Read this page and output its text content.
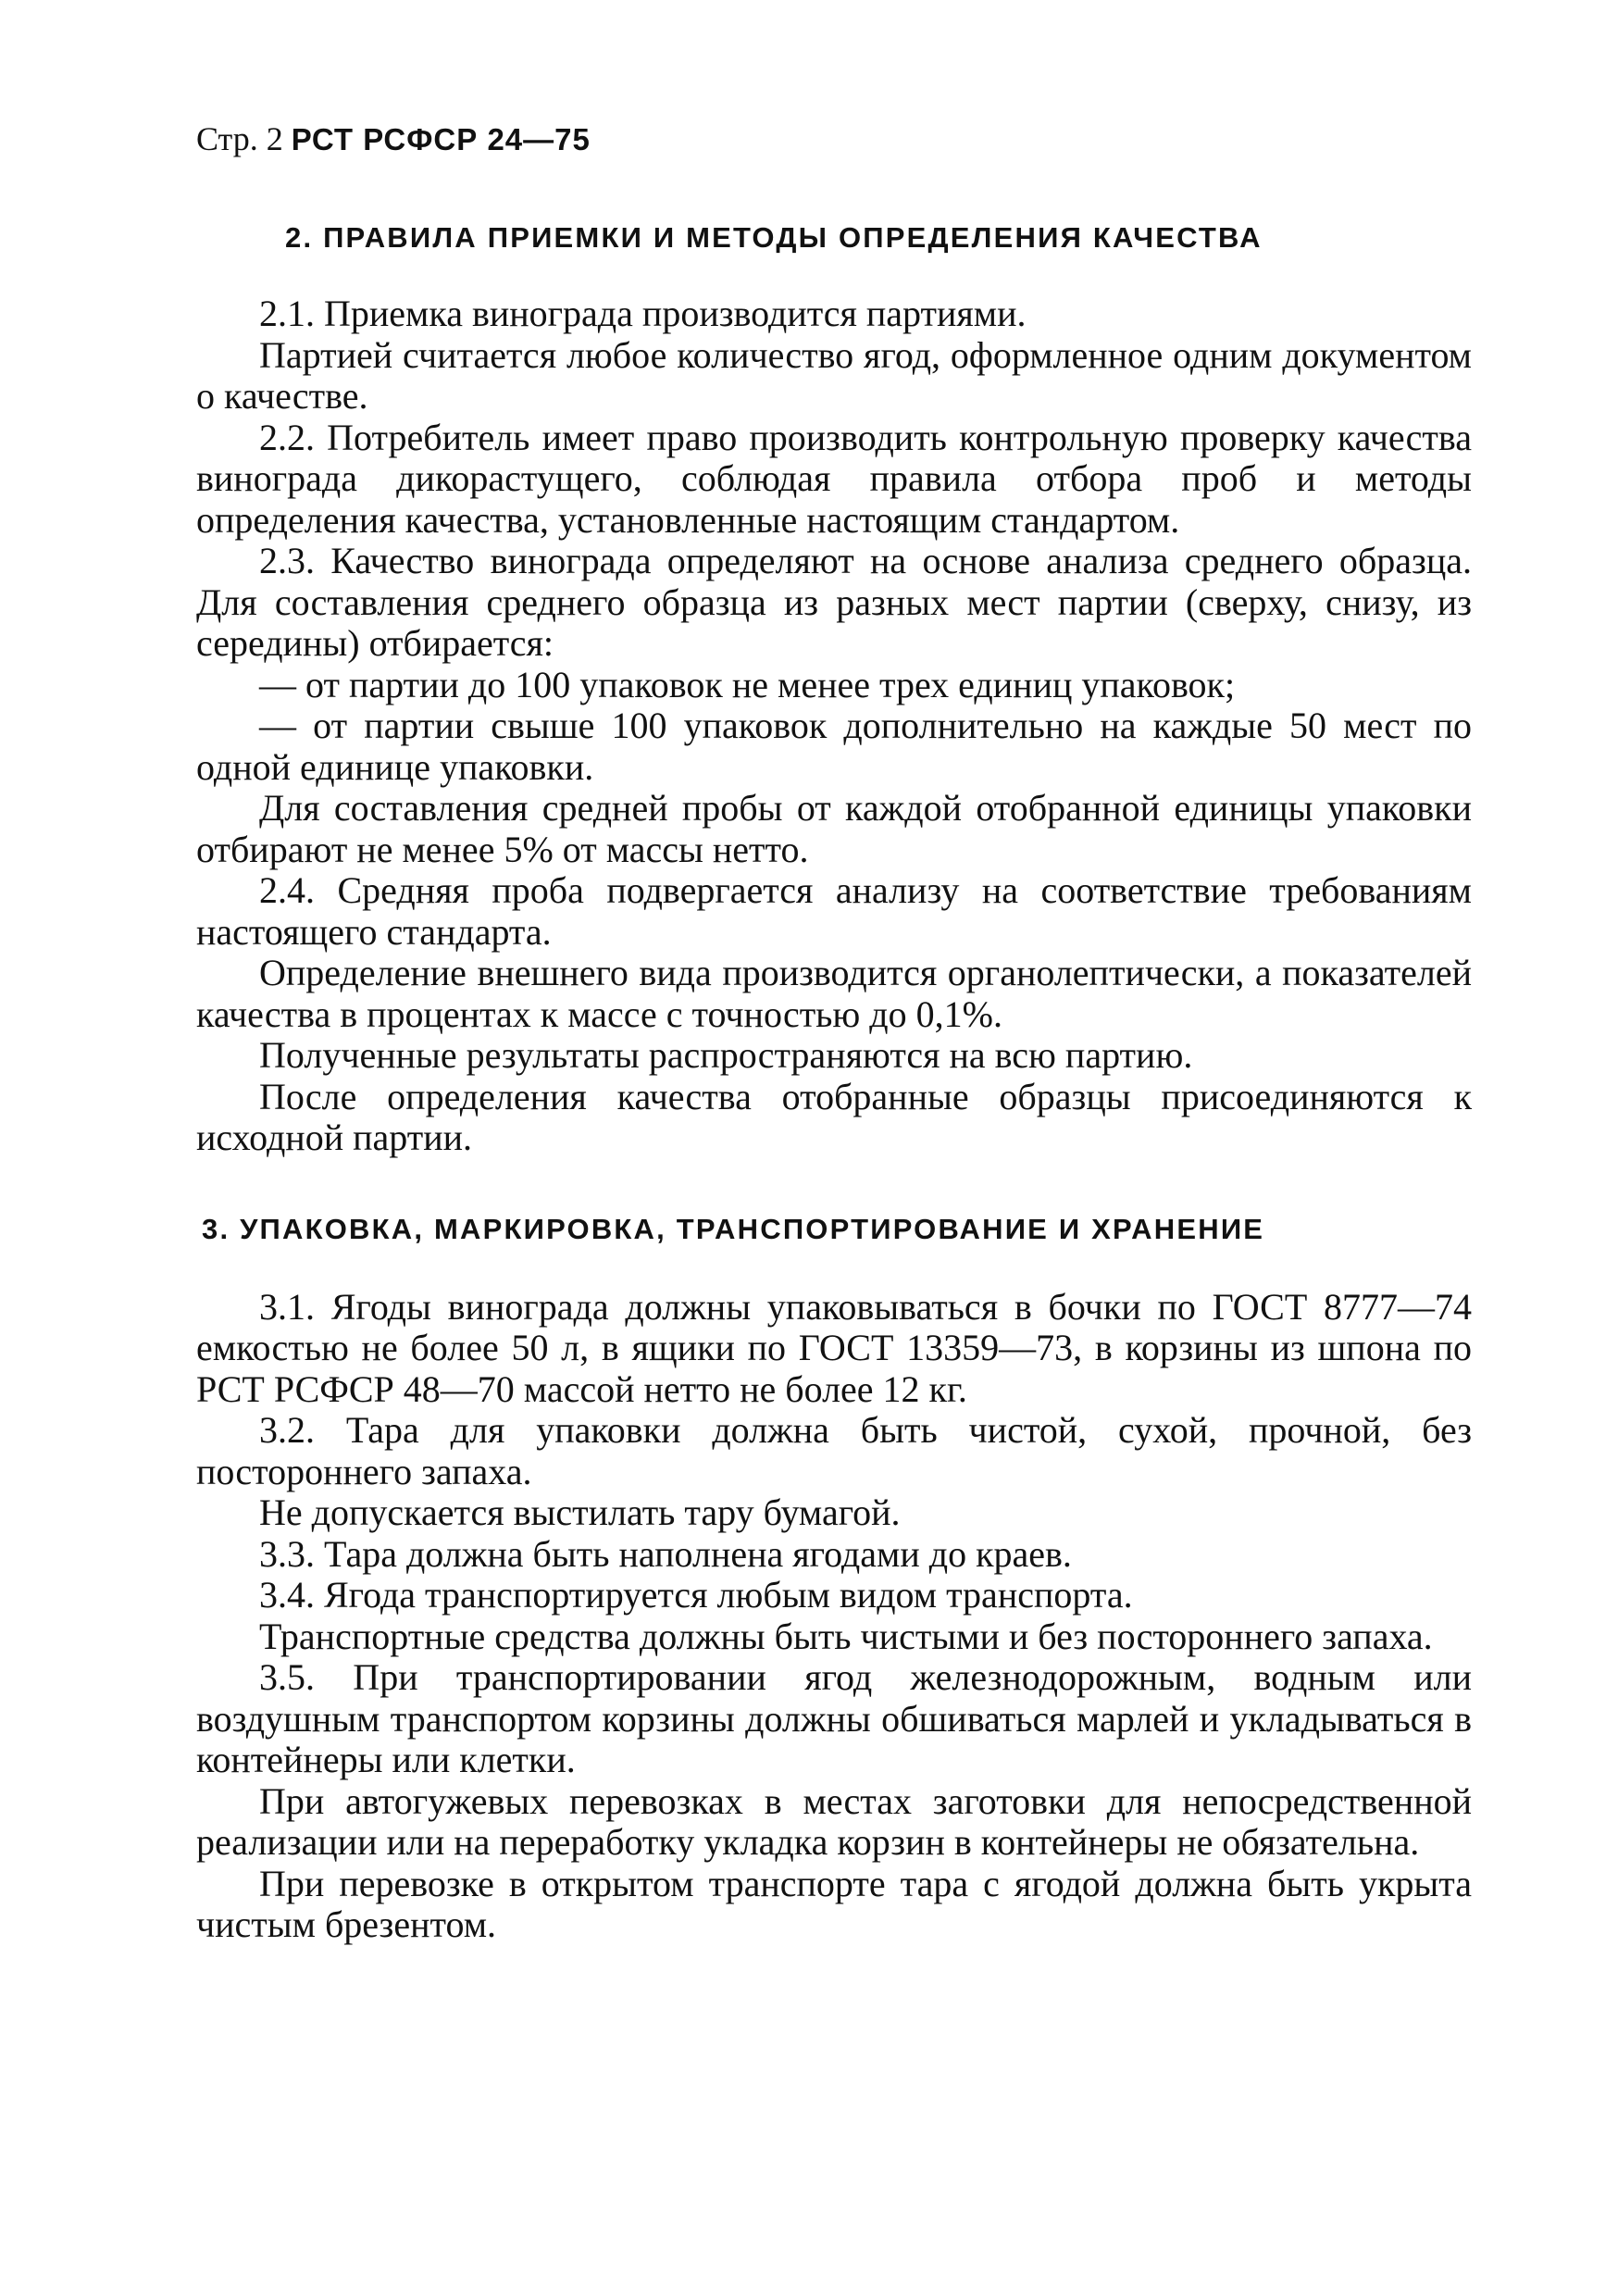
Стр. 2 РСТ РСФСР 24—75
2. ПРАВИЛА ПРИЕМКИ И МЕТОДЫ ОПРЕДЕЛЕНИЯ КАЧЕСТВА

2.1. Приемка винограда производится партиями.

Партией считается любое количество ягод, оформленное одним документом о качестве.

2.2. Потребитель имеет право производить контрольную проверку качества винограда дикорастущего, соблюдая правила отбора проб и методы определения качества, установленные настоящим стандартом.

2.3. Качество винограда определяют на основе анализа среднего образца. Для составления среднего образца из разных мест партии (сверху, снизу, из середины) отбирается:

— от партии до 100 упаковок не менее трех единиц упаковок;

— от партии свыше 100 упаковок дополнительно на каждые 50 мест по одной единице упаковки.

Для составления средней пробы от каждой отобранной единицы упаковки отбирают не менее 5% от массы нетто.

2.4. Средняя проба подвергается анализу на соответствие требованиям настоящего стандарта.

Определение внешнего вида производится органолептически, а показателей качества в процентах к массе с точностью до 0,1%.

Полученные результаты распространяются на всю партию.

После определения качества отобранные образцы присоединяются к исходной партии.

3. УПАКОВКА, МАРКИРОВКА, ТРАНСПОРТИРОВАНИЕ И ХРАНЕНИЕ

3.1. Ягоды винограда должны упаковываться в бочки по ГОСТ 8777—74 емкостью не более 50 л, в ящики по ГОСТ 13359—73, в корзины из шпона по РСТ РСФСР 48—70 массой нетто не более 12 кг.

3.2. Тара для упаковки должна быть чистой, сухой, прочной, без постороннего запаха.

Не допускается выстилать тару бумагой.

3.3. Тара должна быть наполнена ягодами до краев.

3.4. Ягода транспортируется любым видом транспорта.

Транспортные средства должны быть чистыми и без постороннего запаха.

3.5. При транспортировании ягод железнодорожным, водным или воздушным транспортом корзины должны обшиваться марлей и укладываться в контейнеры или клетки.

При автогужевых перевозках в местах заготовки для непосредственной реализации или на переработку укладка корзин в контейнеры не обязательна.

При перевозке в открытом транспорте тара с ягодой должна быть укрыта чистым брезентом.
